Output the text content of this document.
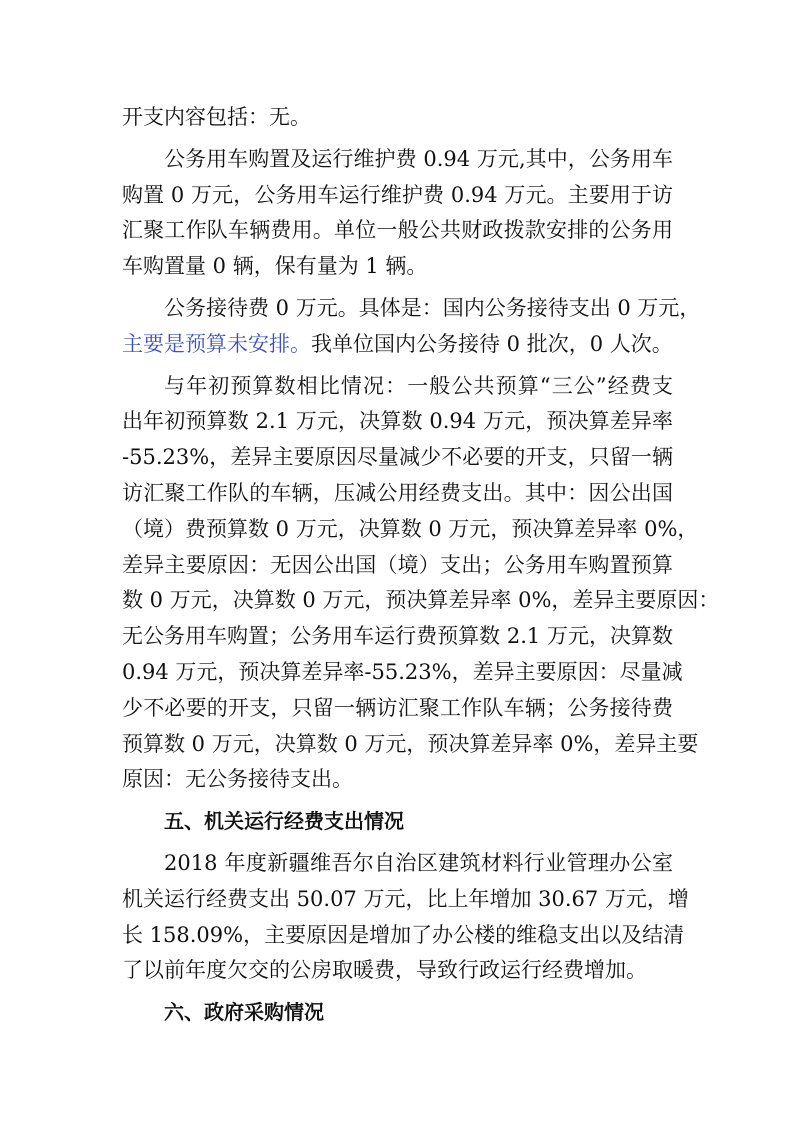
开支内容包括：无。
公务用车购置及运行维护费 0.94 万元,其中，公务用车
购置 0 万元，公务用车运行维护费 0.94 万元。主要用于访
汇聚工作队车辆费用。单位一般公共财政拨款安排的公务用
车购置量 0 辆，保有量为 1 辆。
公务接待费 0 万元。具体是：国内公务接待支出 0 万元，
主要是预算未安排。我单位国内公务接待 0 批次，0 人次。
与年初预算数相比情况：一般公共预算“三公”经费支
出年初预算数 2.1 万元，决算数 0.94 万元，预决算差异率
-55.23%，差异主要原因尽量减少不必要的开支，只留一辆
访汇聚工作队的车辆，压减公用经费支出。其中：因公出国
（境）费预算数 0 万元，决算数 0 万元，预决算差异率 0%，
差异主要原因：无因公出国（境）支出；公务用车购置预算
数 0 万元，决算数 0 万元，预决算差异率 0%，差异主要原因：
无公务用车购置；公务用车运行费预算数 2.1 万元，决算数
0.94 万元，预决算差异率-55.23%，差异主要原因：尽量减
少不必要的开支，只留一辆访汇聚工作队车辆；公务接待费
预算数 0 万元，决算数 0 万元，预决算差异率 0%，差异主要
原因：无公务接待支出。
五、机关运行经费支出情况
2018 年度新疆维吾尔自治区建筑材料行业管理办公室
机关运行经费支出 50.07 万元，比上年增加 30.67 万元，增
长 158.09%，主要原因是增加了办公楼的维稳支出以及结清
了以前年度欠交的公房取暖费，导致行政运行经费增加。
六、政府采购情况
